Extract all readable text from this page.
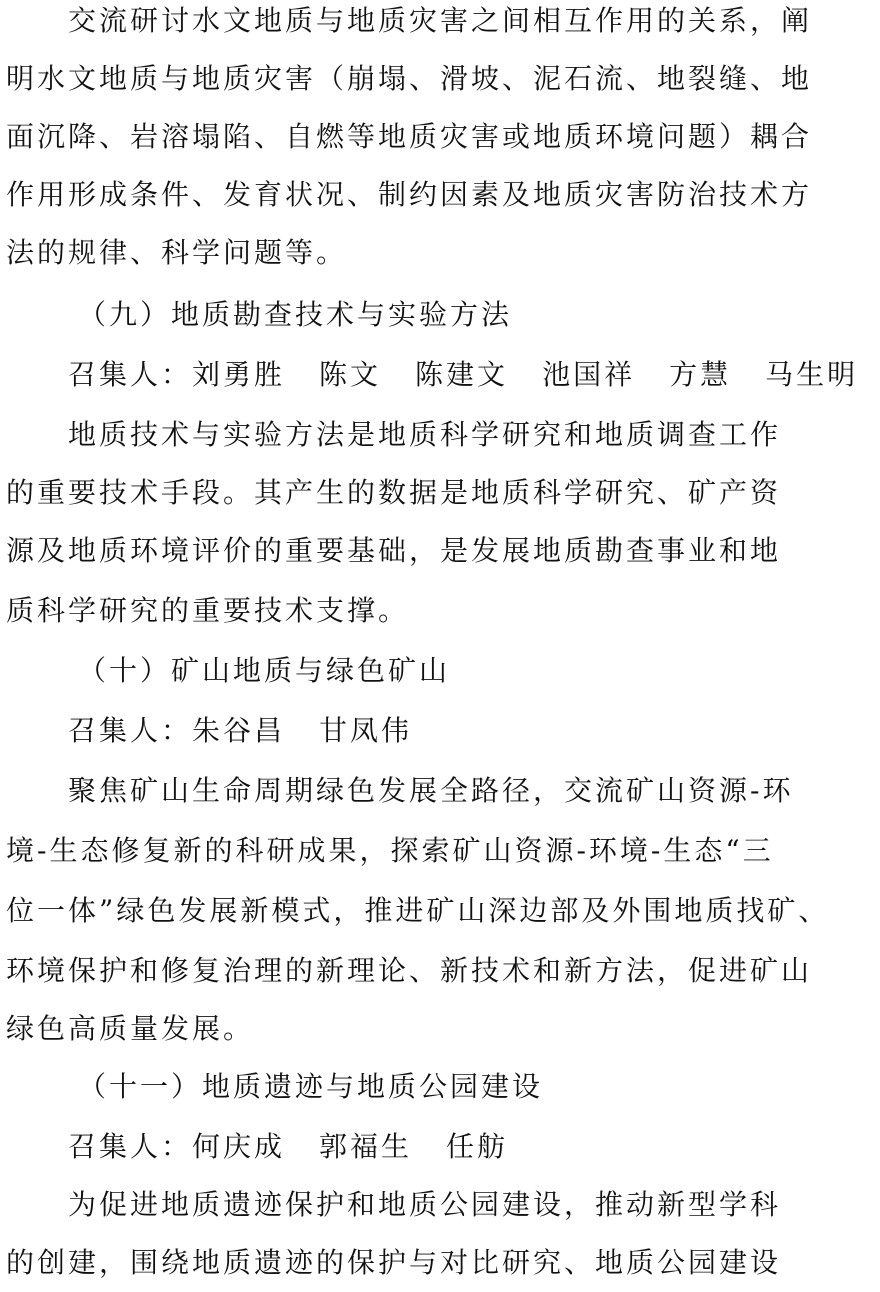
交流研讨水文地质与地质灾害之间相互作用的关系，阐
明水文地质与地质灾害（崩塌、滑坡、泥石流、地裂缝、地
面沉降、岩溶塌陷、自燃等地质灾害或地质环境问题）耦合
作用形成条件、发育状况、制约因素及地质灾害防治技术方
法的规律、科学问题等。
（九）地质勘查技术与实验方法
召集人：刘勇胜 陈文 陈建文 池国祥 方慧 马生明
地质技术与实验方法是地质科学研究和地质调查工作
的重要技术手段。其产生的数据是地质科学研究、矿产资
源及地质环境评价的重要基础，是发展地质勘查事业和地
质科学研究的重要技术支撑。
（十）矿山地质与绿色矿山
召集人：朱谷昌 甘凤伟
聚焦矿山生命周期绿色发展全路径，交流矿山资源-环
境-生态修复新的科研成果，探索矿山资源-环境-生态“三
位一体”绿色发展新模式，推进矿山深边部及外围地质找矿、
环境保护和修复治理的新理论、新技术和新方法，促进矿山
绿色高质量发展。
（十一）地质遗迹与地质公园建设
召集人：何庆成 郭福生 任舫
为促进地质遗迹保护和地质公园建设，推动新型学科
的创建，围绕地质遗迹的保护与对比研究、地质公园建设
